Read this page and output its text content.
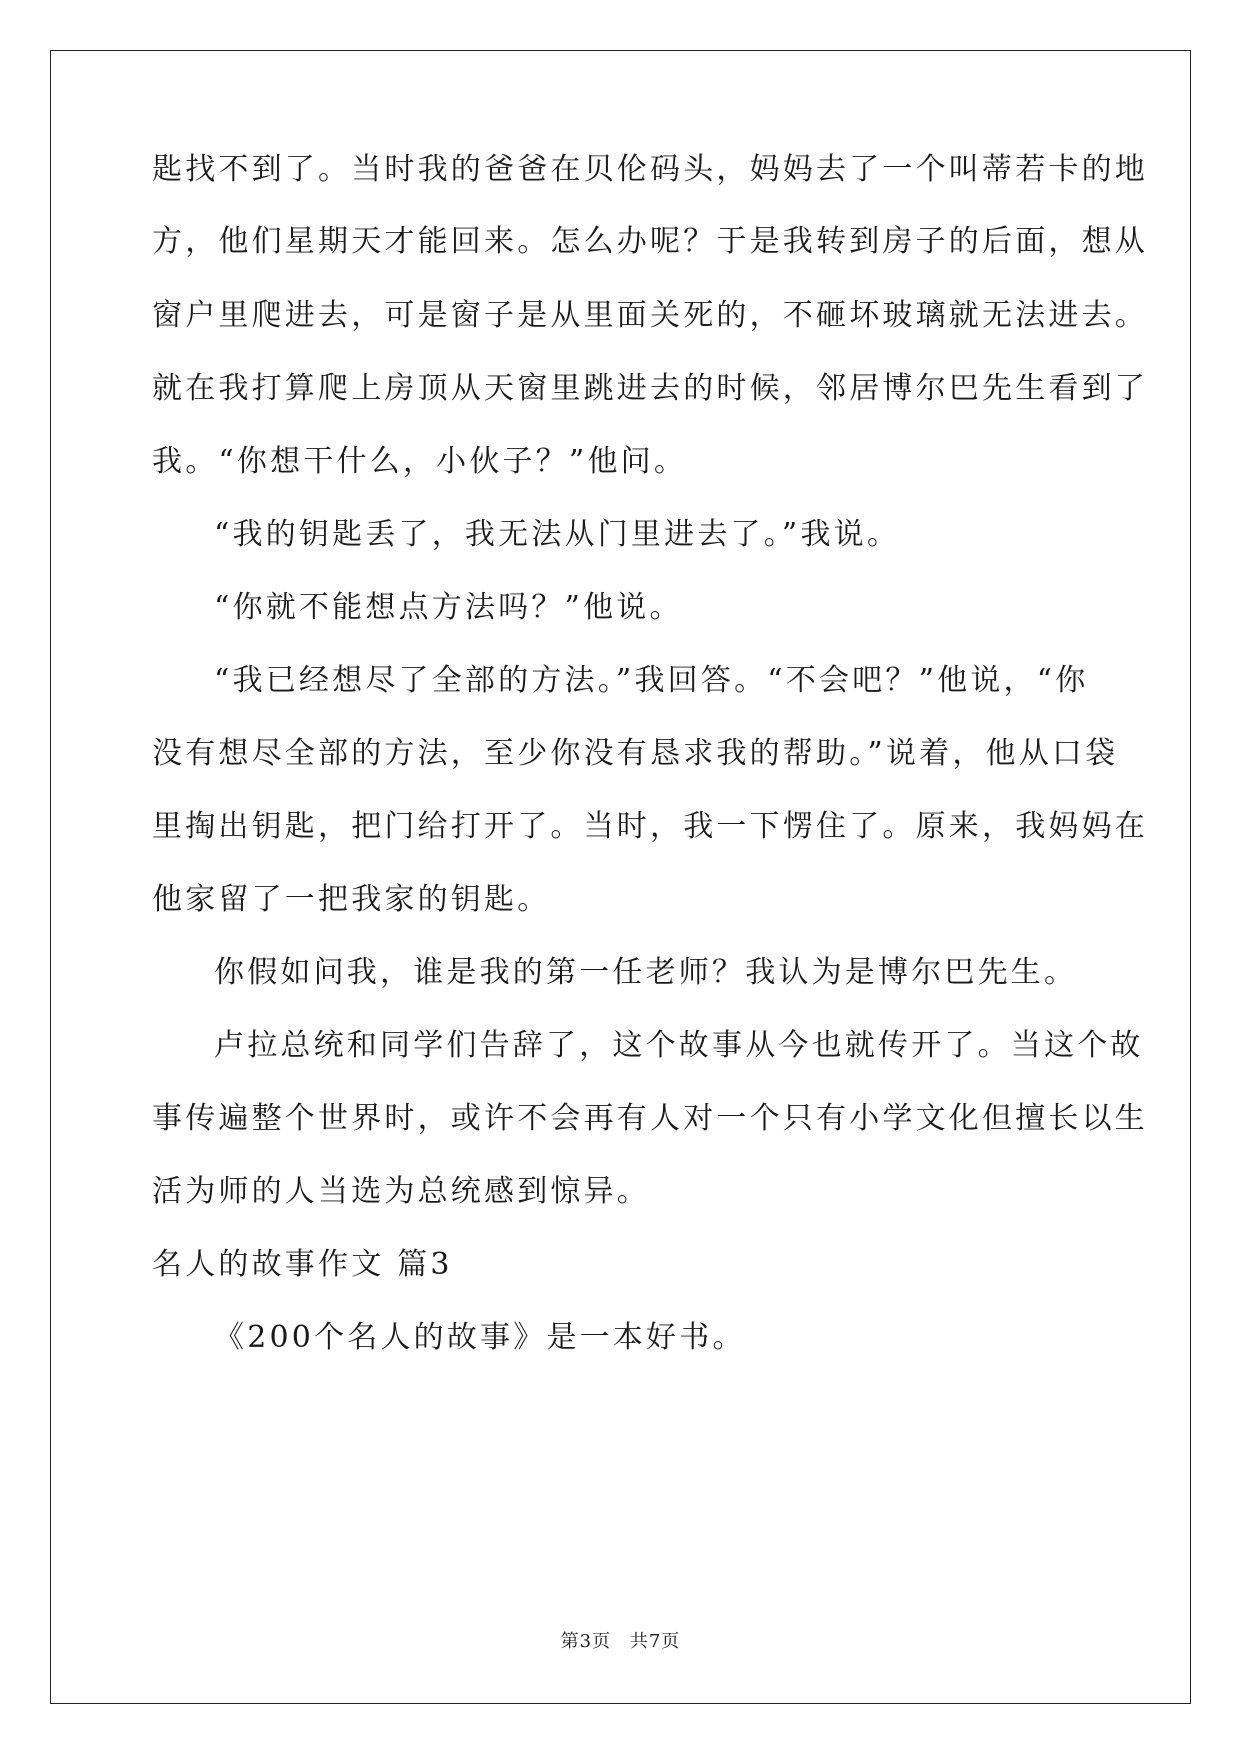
匙找不到了。当时我的爸爸在贝伦码头，妈妈去了一个叫蒂若卡的地
方，他们星期天才能回来。怎么办呢？于是我转到房子的后面，想从
窗户里爬进去，可是窗子是从里面关死的，不砸坏玻璃就无法进去。
就在我打算爬上房顶从天窗里跳进去的时候，邻居博尔巴先生看到了
我。“你想干什么，小伙子？”他问。
“我的钥匙丢了，我无法从门里进去了。”我说。
“你就不能想点方法吗？”他说。
“我已经想尽了全部的方法。”我回答。“不会吧？”他说，“你
没有想尽全部的方法，至少你没有恳求我的帮助。”说着，他从口袋
里掏出钥匙，把门给打开了。当时，我一下愣住了。原来，我妈妈在
他家留了一把我家的钥匙。
你假如问我，谁是我的第一任老师？我认为是博尔巴先生。
卢拉总统和同学们告辞了，这个故事从今也就传开了。当这个故
事传遍整个世界时，或许不会再有人对一个只有小学文化但擅长以生
活为师的人当选为总统感到惊异。
名人的故事作文 篇3
《200个名人的故事》是一本好书。
第3页 共7页
